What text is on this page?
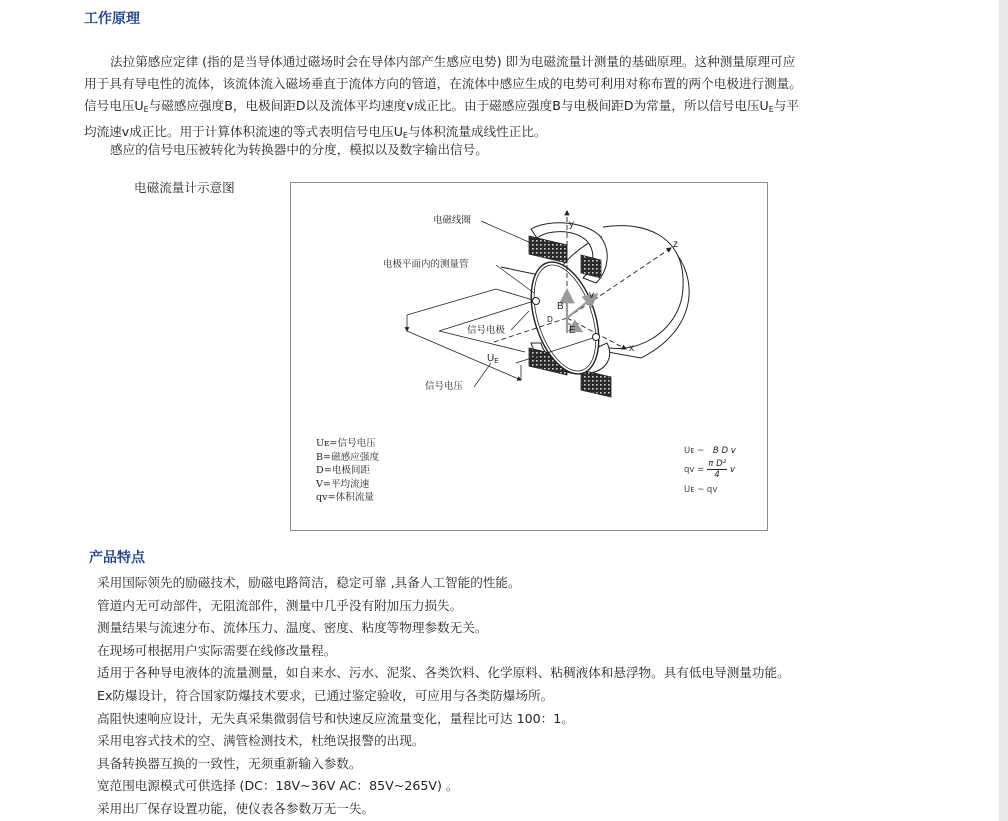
工作原理
法拉第感应定律 (指的是当导体通过磁场时会在导体内部产生感应电势) 即为电磁流量计测量的基础原理。这种测量原理可应
用于具有导电性的流体，该流体流入磁场垂直于流体方向的管道，在流体中感应生成的电势可利用对称布置的两个电极进行测量。
信号电压$U_E$与磁感应强度B，电极间距D以及流体平均速度v成正比。由于磁感应强度B与电极间距D为常量，所以信号电压$U_E$与平
均流速v成正比。用于计算体积流速的等式表明信号电压$U_E$与体积流量成线性正比。
感应的信号电压被转化为转换器中的分度，模拟以及数字输出信号。
电磁流量计示意图
电磁线圈
电极平面内的测量管
信号电极
信号电压
y
z
x
B
D
E
v
$U_E$
Uᴇ=信号电压
B=磁感应强度
D=电极间距
V=平均流速
qv=体积流量
Uᴇ ~ B D v
qv = $\frac{\text{π D²}}{4}$ v
Uᴇ ~ qv
产品特点
采用国际领先的励磁技术，励磁电路简洁，稳定可靠 ,具备人工智能的性能。
管道内无可动部件，无阻流部件，测量中几乎没有附加压力损失。
测量结果与流速分布、流体压力、温度、密度、粘度等物理参数无关。
在现场可根据用户实际需要在线修改量程。
适用于各种导电液体的流量测量，如自来水、污水、泥浆、各类饮料、化学原料、粘稠液体和悬浮物。具有低电导测量功能。
Ex防爆设计，符合国家防爆技术要求，已通过鉴定验收，可应用与各类防爆场所。
高阻快速响应设计，无失真采集微弱信号和快速反应流量变化，量程比可达 100：1。
采用电容式技术的空、满管检测技术，杜绝误报警的出现。
具备转换器互换的一致性，无须重新输入参数。
宽范围电源模式可供选择 (DC：18V~36V AC：85V~265V) 。
采用出厂保存设置功能，使仪表各参数万无一失。
